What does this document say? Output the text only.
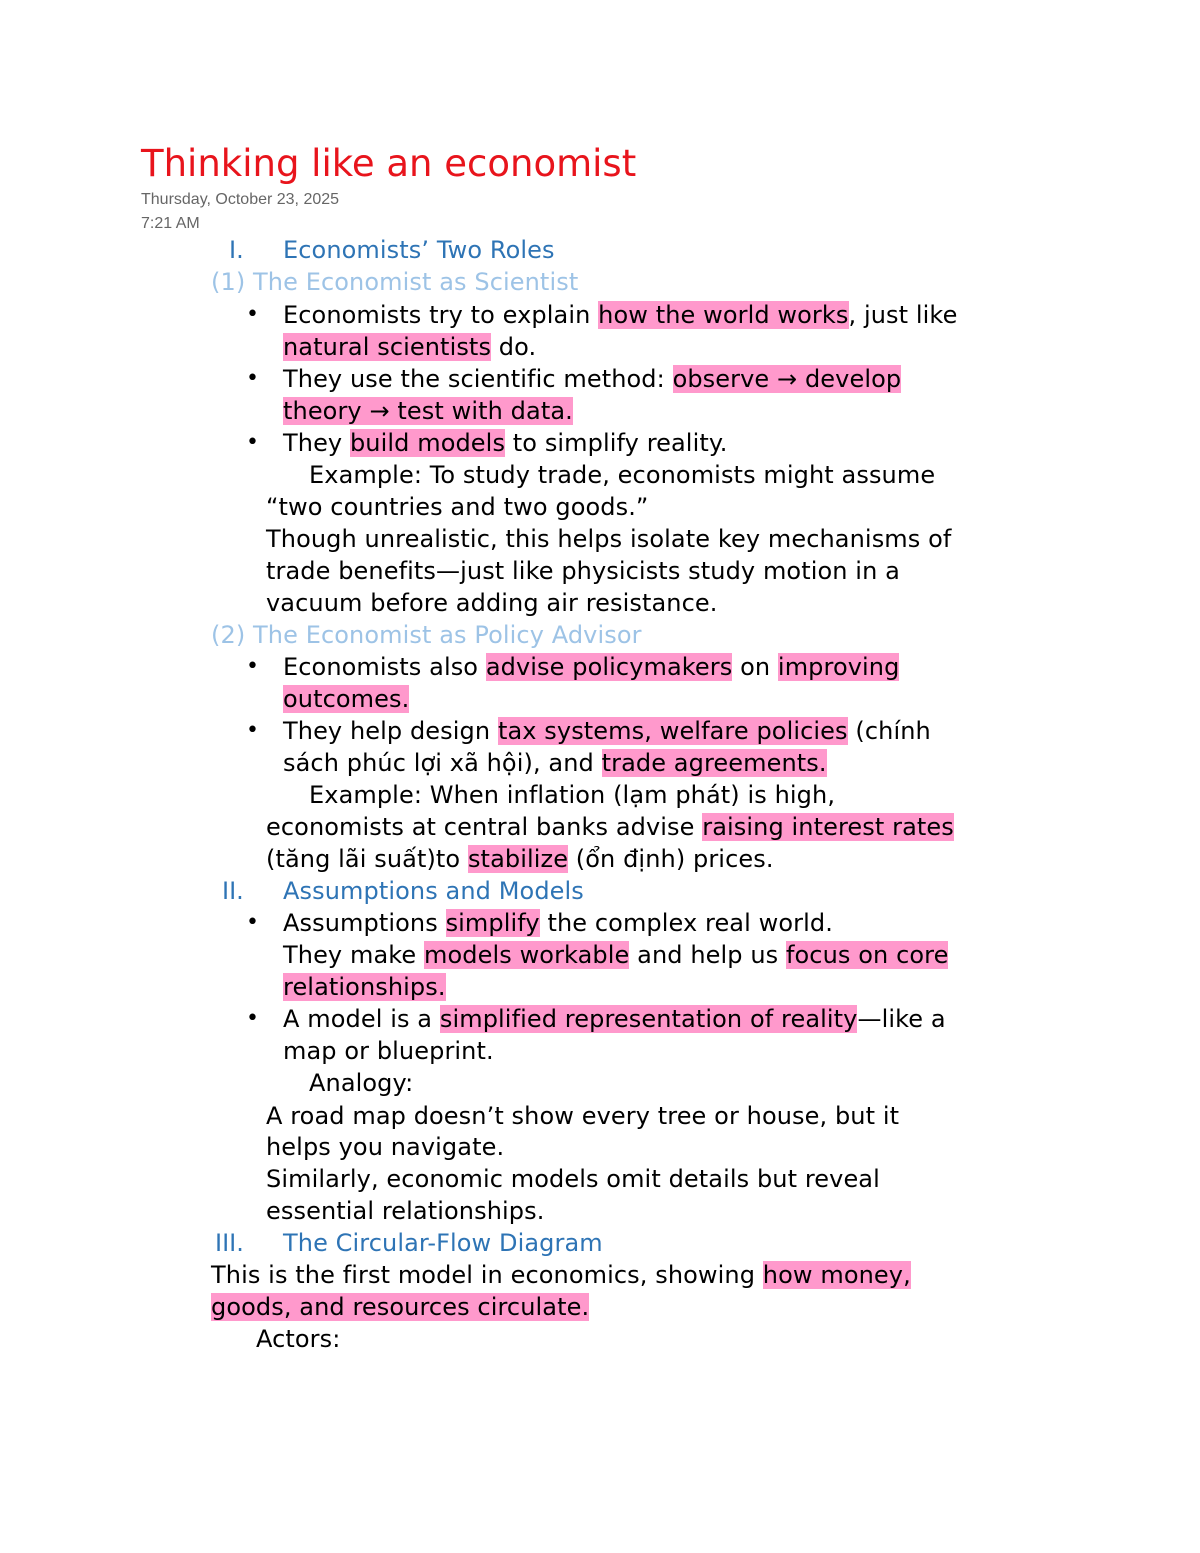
Thinking like an economist
Thursday, October 23, 2025
7:21 AM
I. Economists’ Two Roles
(1) The Economist as Scientist
• Economists try to explain how the world works, just like
natural scientists do.
• They use the scientific method: observe → develop
theory → test with data.
• They build models to simplify reality.
Example: To study trade, economists might assume
“two countries and two goods.”
Though unrealistic, this helps isolate key mechanisms of
trade benefits—just like physicists study motion in a
vacuum before adding air resistance.
(2) The Economist as Policy Advisor
• Economists also advise policymakers on improving
outcomes.
• They help design tax systems, welfare policies (chính
sách phúc lợi xã hội), and trade agreements.
Example: When inflation (lạm phát) is high,
economists at central banks advise raising interest rates
(tăng lãi suất)to stabilize (ổn định) prices.
II. Assumptions and Models
• Assumptions simplify the complex real world.
They make models workable and help us focus on core
relationships.
• A model is a simplified representation of reality—like a
map or blueprint.
Analogy:
A road map doesn’t show every tree or house, but it
helps you navigate.
Similarly, economic models omit details but reveal
essential relationships.
III. The Circular-Flow Diagram
This is the first model in economics, showing how money,
goods, and resources circulate.
Actors:
